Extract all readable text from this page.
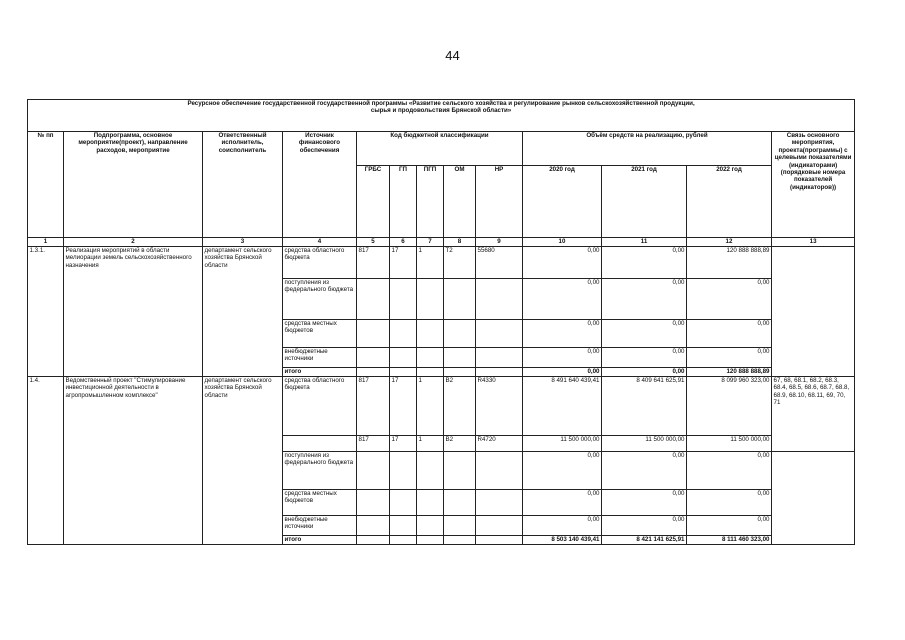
44
Ресурсное обеспечение государственной государственной программы «Развитие сельского хозяйства и регулирование рынков сельскохозяйственной продукции,
сырья и продовольствия Брянской области»												
№ пп	Подпрограмма, основное мероприятие(проект), направление расходов, мероприятие	Ответственный исполнитель, соисполнитель	Источник финансового обеспечения	Код бюджетной классификации					Объём средств на реализацию, рублей			Связь основного мероприятия, проекта(программы) с целевыми показателями (индикаторами) (порядковые номера показателей (индикаторов))
				ГРБС	ГП	ПГП	ОМ	НР	2020 год	2021 год	2022 год	
1	2	3	4	5	6	7	8	9	10	11	12	13
1.3.1.	Реализация мероприятий в области мелиорации земель сельскохозяйственного назначения	департамент сельского хозяйства Брянской области	средства областного бюджета	817	17	1	Т2	55680	0,00	0,00	120 888 888,89	
			поступления из федерального бюджета						0,00	0,00	0,00	
			средства местных бюджетов						0,00	0,00	0,00	
			внебюджетные источники						0,00	0,00	0,00	
			итого						0,00	0,00	120 888 888,89	
1.4.	Ведомственный проект "Стимулирование инвестиционной деятельности в агропромышленном комплексе"	департамент сельского хозяйства Брянской области	средства областного бюджета	817	17	1	В2	R4330	8 491 640 439,41	8 409 641 625,91	8 099 960 323,00	67, 68, 68.1, 68.2, 68.3, 68.4, 68.5, 68.6, 68.7, 68.8, 68.9, 68.10, 68.11, 69, 70, 71
				817	17	1	В2	R4720	11 500 000,00	11 500 000,00	11 500 000,00	
			поступления из федерального бюджета						0,00	0,00	0,00	
			средства местных бюджетов						0,00	0,00	0,00	
			внебюджетные источники						0,00	0,00	0,00	
			итого						8 503 140 439,41	8 421 141 625,91	8 111 460 323,00	
